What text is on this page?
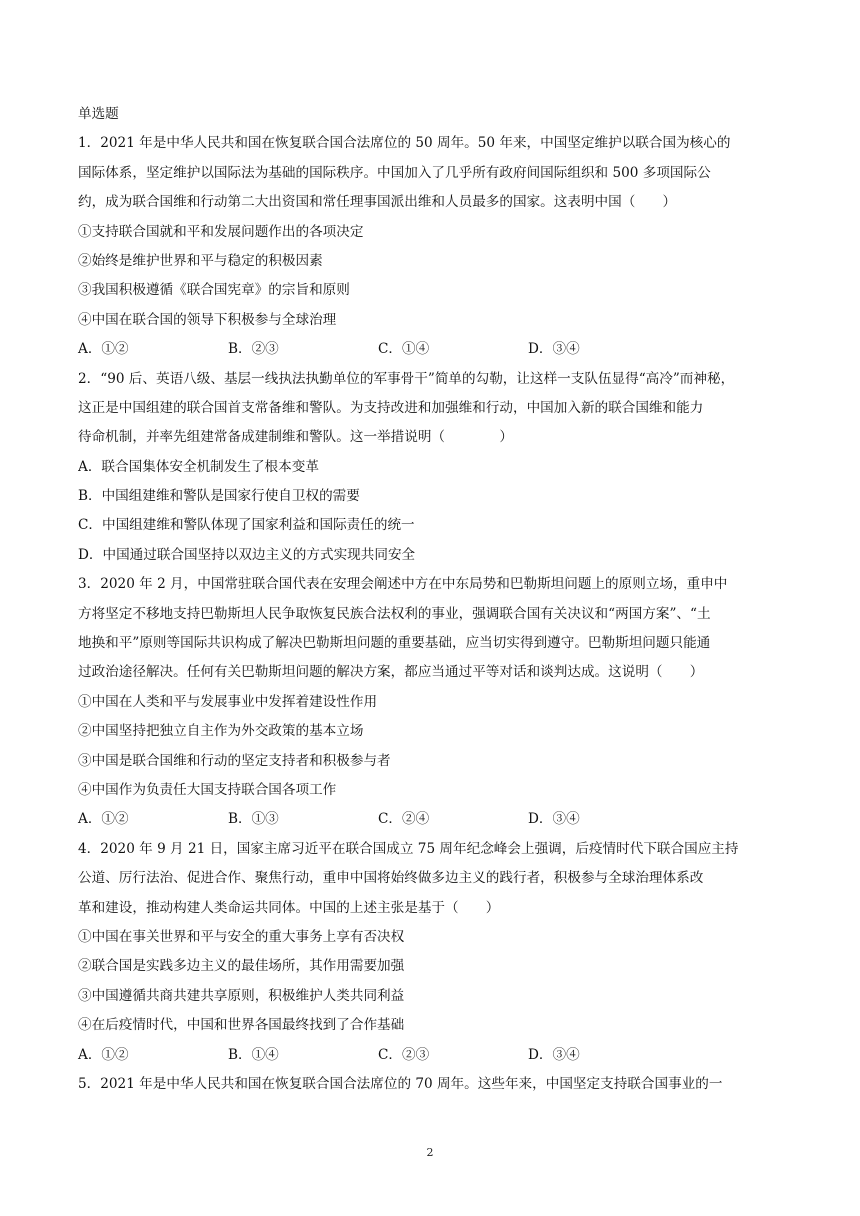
单选题
1．2021 年是中华人民共和国在恢复联合国合法席位的 50 周年。50 年来，中国坚定维护以联合国为核心的
国际体系，坚定维护以国际法为基础的国际秩序。中国加入了几乎所有政府间国际组织和 500 多项国际公
约，成为联合国维和行动第二大出资国和常任理事国派出维和人员最多的国家。这表明中国（　　）
①支持联合国就和平和发展问题作出的各项决定
②始终是维护世界和平与稳定的积极因素
③我国积极遵循《联合国宪章》的宗旨和原则
④中国在联合国的领导下积极参与全球治理
A．①②	B．②③	C．①④	D．③④
2．“90 后、英语八级、基层一线执法执勤单位的军事骨干”简单的勾勒，让这样一支队伍显得“高冷”而神秘，
这正是中国组建的联合国首支常备维和警队。为支持改进和加强维和行动，中国加入新的联合国维和能力
待命机制，并率先组建常备成建制维和警队。这一举措说明（　　　　）
A．联合国集体安全机制发生了根本变革
B．中国组建维和警队是国家行使自卫权的需要
C．中国组建维和警队体现了国家利益和国际责任的统一
D．中国通过联合国坚持以双边主义的方式实现共同安全
3．2020 年 2 月，中国常驻联合国代表在安理会阐述中方在中东局势和巴勒斯坦问题上的原则立场，重申中
方将坚定不移地支持巴勒斯坦人民争取恢复民族合法权利的事业，强调联合国有关决议和“两国方案”、“土
地换和平”原则等国际共识构成了解决巴勒斯坦问题的重要基础，应当切实得到遵守。巴勒斯坦问题只能通
过政治途径解决。任何有关巴勒斯坦问题的解决方案，都应当通过平等对话和谈判达成。这说明（　　）
①中国在人类和平与发展事业中发挥着建设性作用
②中国坚持把独立自主作为外交政策的基本立场
③中国是联合国维和行动的坚定支持者和积极参与者
④中国作为负责任大国支持联合国各项工作
A．①②	B．①③	C．②④	D．③④
4．2020 年 9 月 21 日，国家主席习近平在联合国成立 75 周年纪念峰会上强调，后疫情时代下联合国应主持
公道、厉行法治、促进合作、聚焦行动，重申中国将始终做多边主义的践行者，积极参与全球治理体系改
革和建设，推动构建人类命运共同体。中国的上述主张是基于（　　）
①中国在事关世界和平与安全的重大事务上享有否决权
②联合国是实践多边主义的最佳场所，其作用需要加强
③中国遵循共商共建共享原则，积极维护人类共同利益
④在后疫情时代，中国和世界各国最终找到了合作基础
A．①②	B．①④	C．②③	D．③④
5．2021 年是中华人民共和国在恢复联合国合法席位的 70 周年。这些年来，中国坚定支持联合国事业的一
2
